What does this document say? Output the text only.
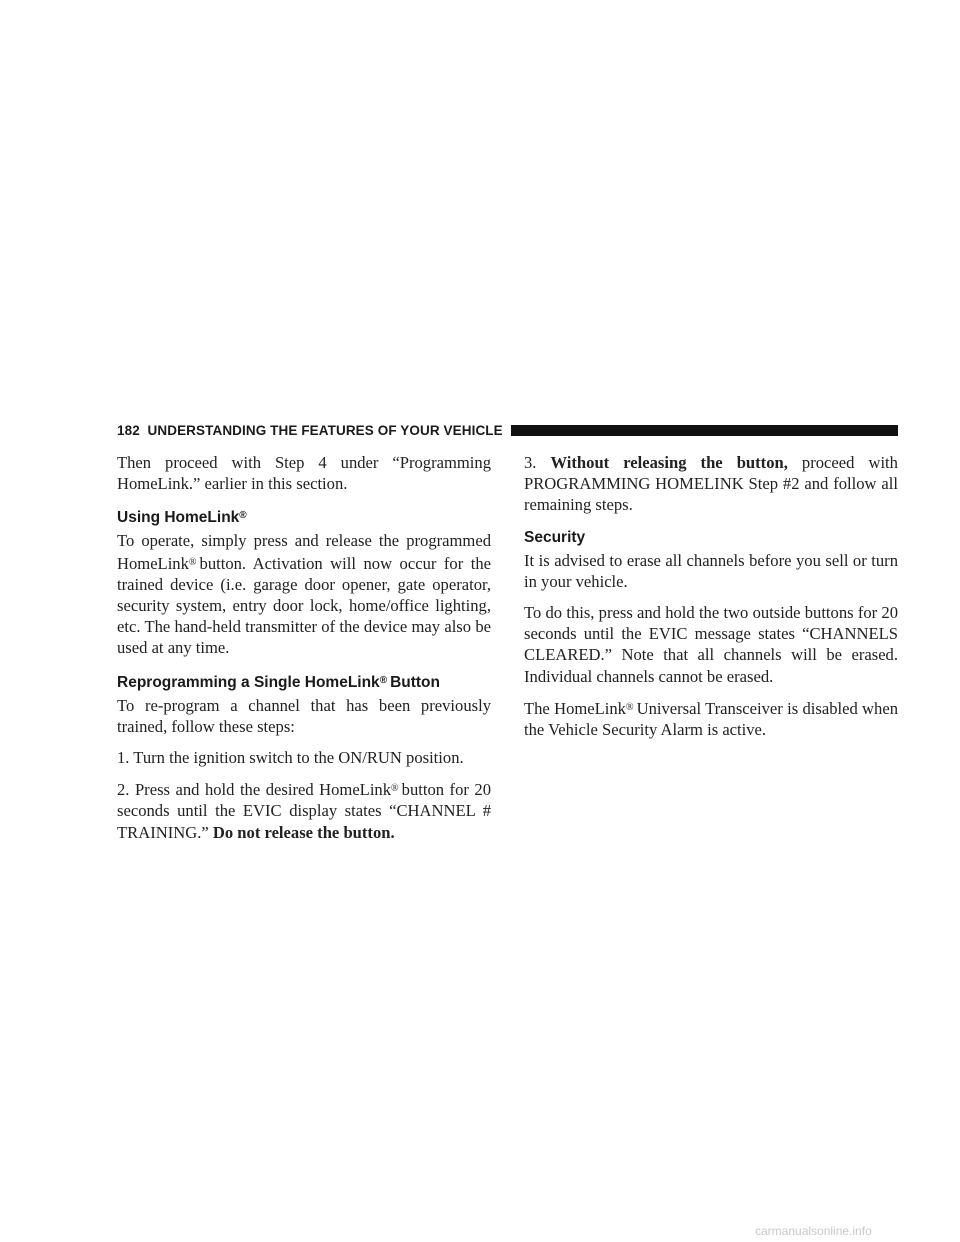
182 UNDERSTANDING THE FEATURES OF YOUR VEHICLE

Then proceed with Step 4 under “Programming HomeLink.” earlier in this section.

Using HomeLink®

To operate, simply press and release the programmed HomeLink® button. Activation will now occur for the trained device (i.e. garage door opener, gate operator, security system, entry door lock, home/office lighting, etc. The hand-held transmitter of the device may also be used at any time.

Reprogramming a Single HomeLink® Button

To re-program a channel that has been previously trained, follow these steps:

1. Turn the ignition switch to the ON/RUN position.

2. Press and hold the desired HomeLink® button for 20 seconds until the EVIC display states “CHANNEL # TRAINING.” Do not release the button.

3. Without releasing the button, proceed with PROGRAMMING HOMELINK Step #2 and follow all remaining steps.

Security

It is advised to erase all channels before you sell or turn in your vehicle.

To do this, press and hold the two outside buttons for 20 seconds until the EVIC message states “CHANNELS CLEARED.” Note that all channels will be erased. Individual channels cannot be erased.

The HomeLink® Universal Transceiver is disabled when the Vehicle Security Alarm is active.

carmanualsonline.info
